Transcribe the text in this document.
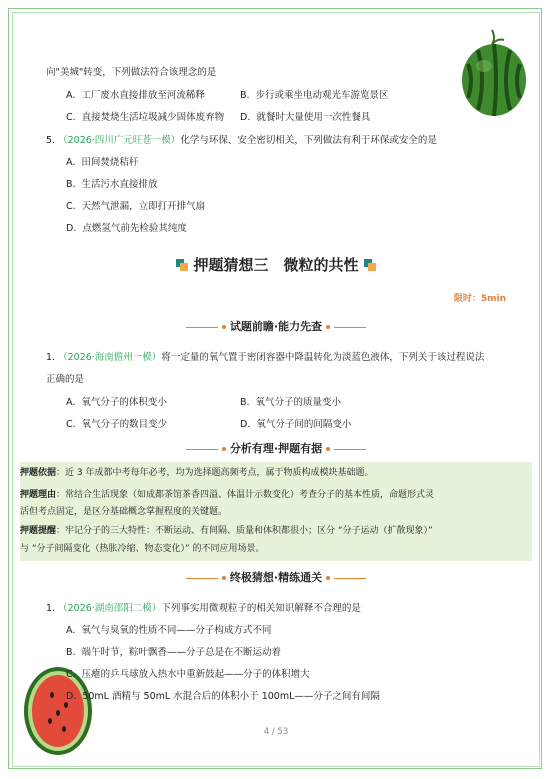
向"美城"转变，下列做法符合该理念的是
A. 工厂废水直接排放至河流稀释	B. 步行或乘坐电动观光车游览景区
C. 直接焚烧生活垃圾减少固体废弃物 D. 就餐时大量使用一次性餐具
5. （2026·四川广元旺苍一模）化学与环保、安全密切相关，下列做法有利于环保或安全的是
A. 田间焚烧秸秆
B. 生活污水直接排放
C. 天然气泄漏，立即打开排气扇
D. 点燃氢气前先检验其纯度
押题猜想三　微粒的共性
限时：5min
试题前瞻·能力先查
1. （2026·海南儋州一模）将一定量的氧气置于密闭容器中降温转化为淡蓝色液体，下列关于该过程说法
正确的是
A. 氧气分子的体积变小	B. 氧气分子的质量变小
C. 氧气分子的数目变少	D. 氧气分子间的间隔变小
分析有理·押题有据
押题依据：近 3 年成都中考每年必考，均为选择题高频考点，属于物质构成模块基础题。
押题理由：常结合生活现象（如成都茶馆茶香四溢、体温计示数变化）考查分子的基本性质，命题形式灵
活但考点固定，是区分基础概念掌握程度的关键题。
押题提醒：牢记分子的三大特性：不断运动、有间隔、质量和体积都很小；区分 “分子运动（扩散现象）”
与 “分子间隔变化（热胀冷缩、物态变化）” 的不同应用场景。
终极猜想·精练通关
1. （2026·湖南邵阳二模）下列事实用微观粒子的相关知识解释不合理的是
A. 氧气与臭氧的性质不同——分子构成方式不同
B. 端午时节，粽叶飘香——分子总是在不断运动着
C. 压瘪的乒乓球放入热水中重新鼓起——分子的体积增大
D. 50mL 酒精与 50mL 水混合后的体积小于 100mL——分子之间有间隔
4 / 53
